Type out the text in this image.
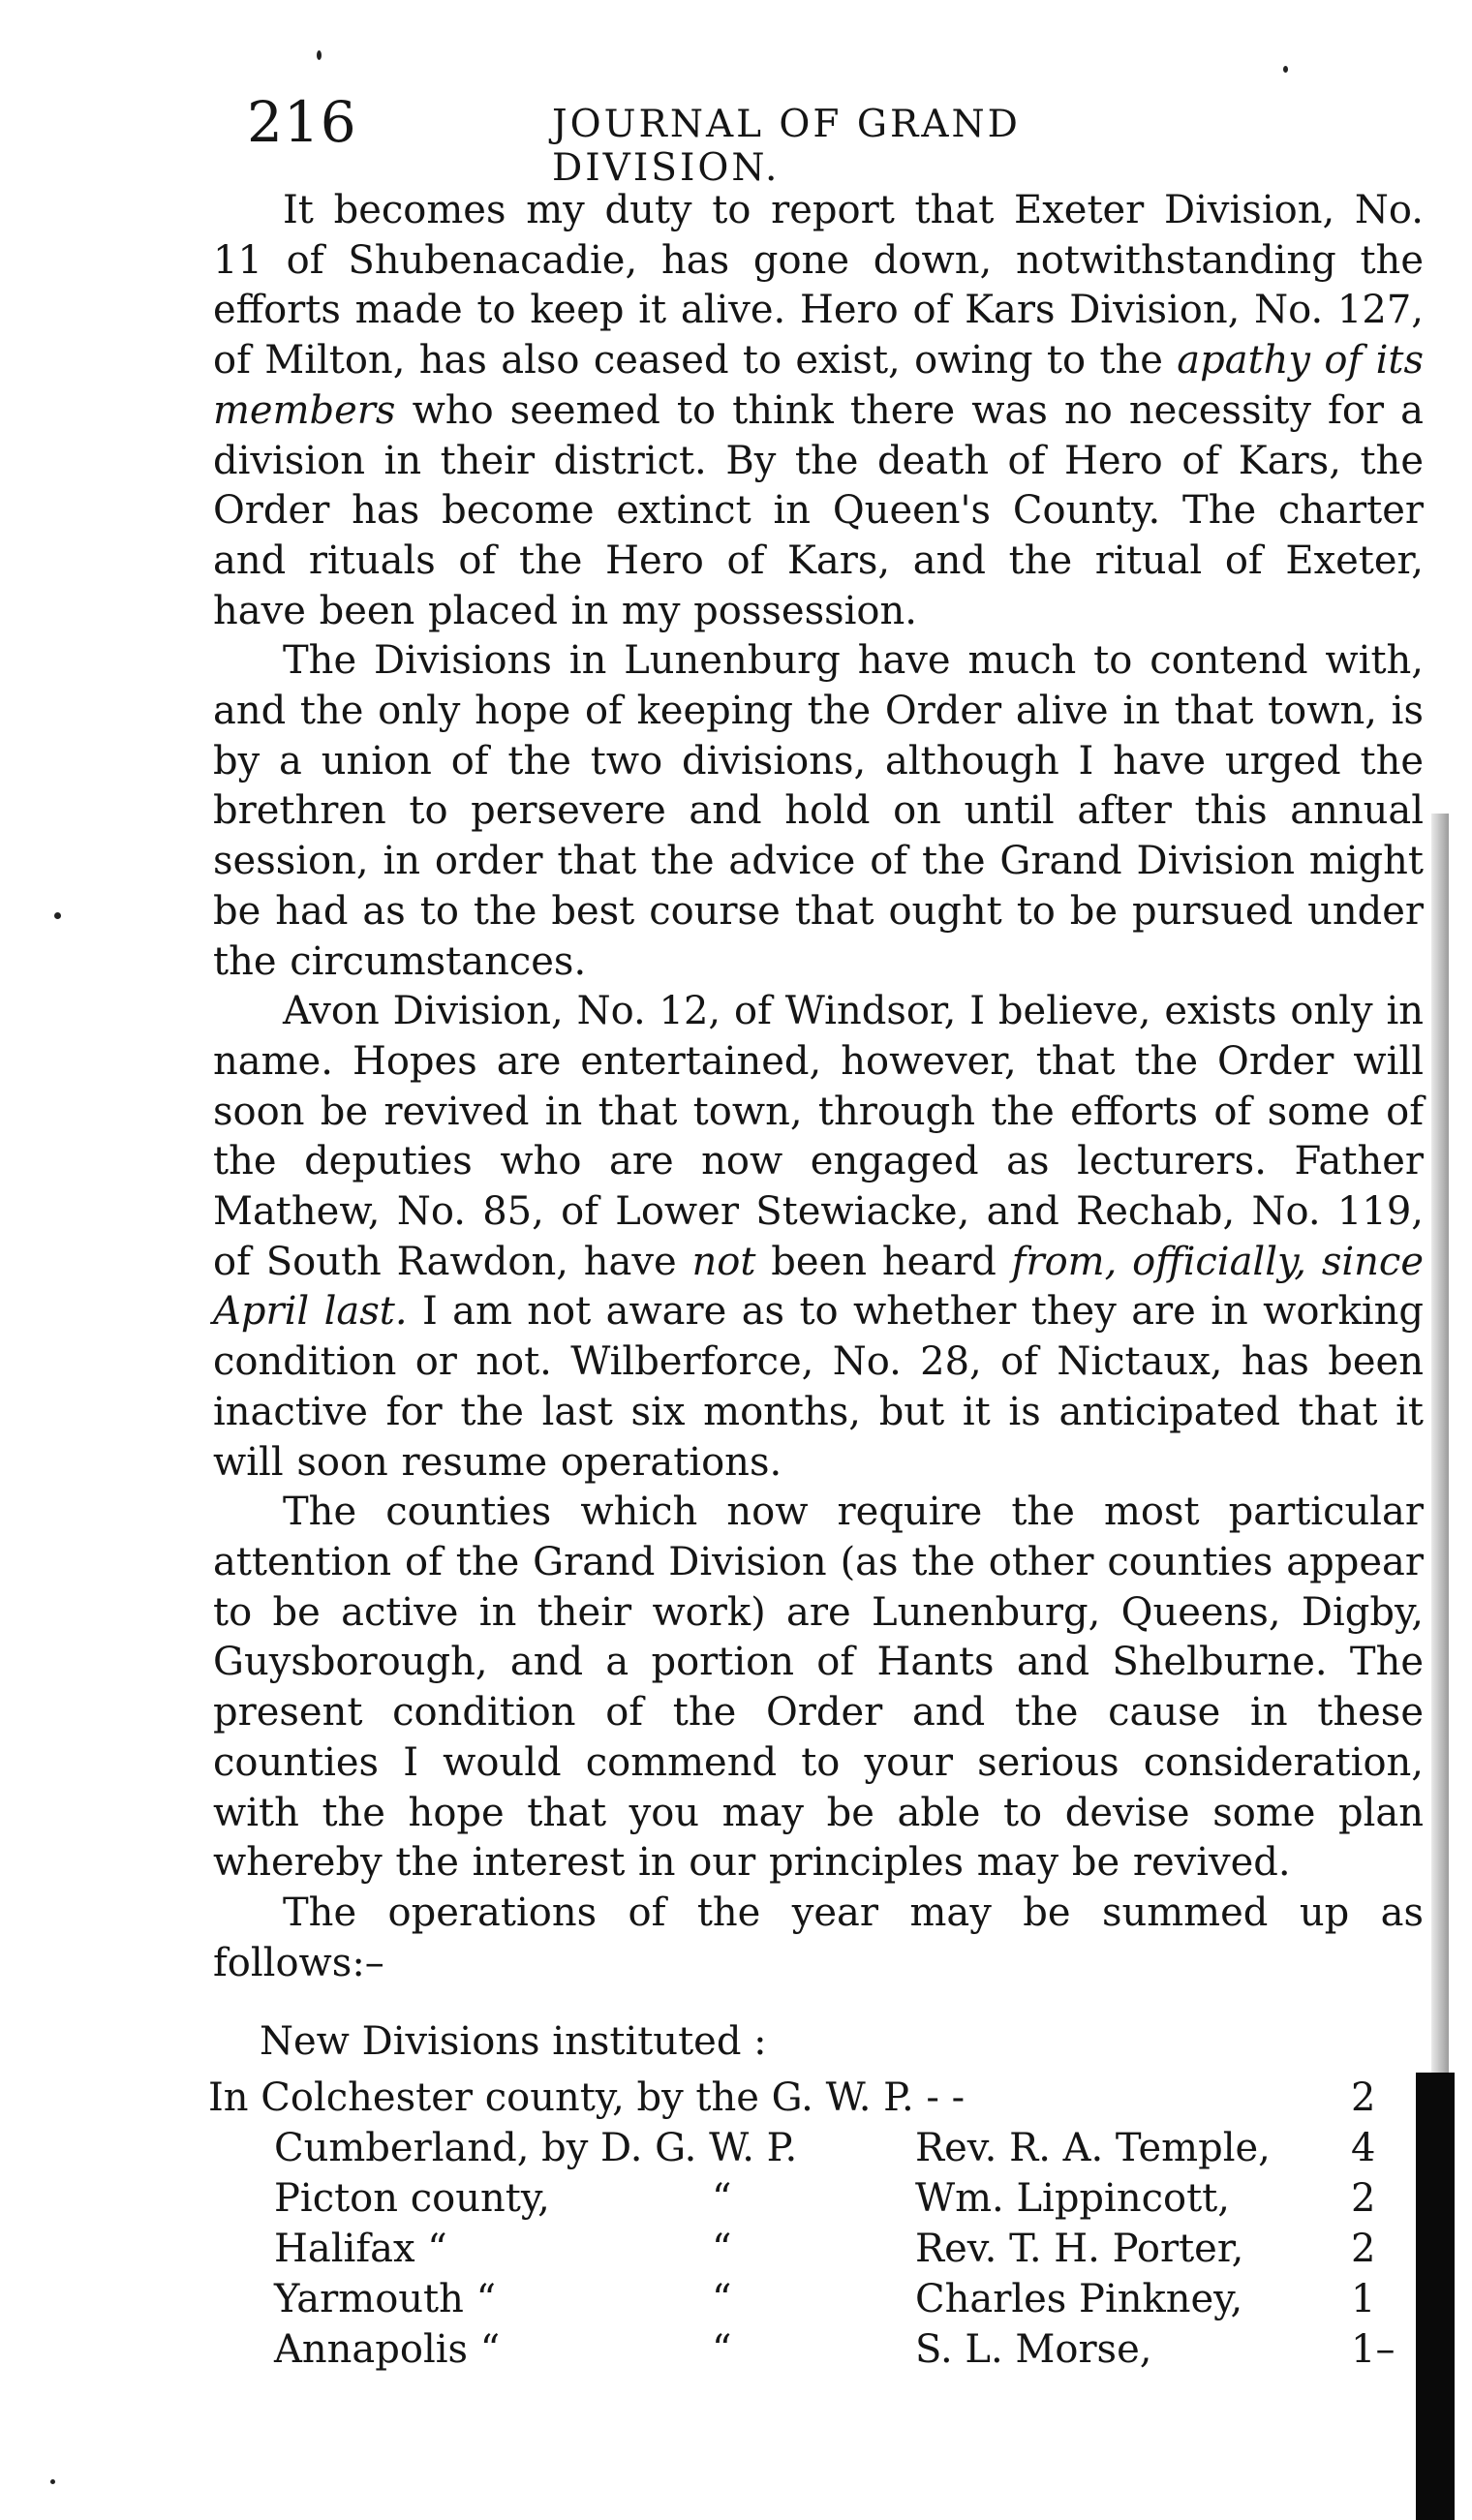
216	JOURNAL OF GRAND DIVISION.

It becomes my duty to report that Exeter Division, No. 11 of Shubenacadie, has gone down, notwithstanding the efforts made to keep it alive. Hero of Kars Division, No. 127, of Milton, has also ceased to exist, owing to the apathy of its members who seemed to think there was no necessity for a division in their district. By the death of Hero of Kars, the Order has become extinct in Queen's County. The charter and rituals of the Hero of Kars, and the ritual of Exeter, have been placed in my possession.

The Divisions in Lunenburg have much to contend with, and the only hope of keeping the Order alive in that town, is by a union of the two divisions, although I have urged the brethren to persevere and hold on until after this annual session, in order that the advice of the Grand Division might be had as to the best course that ought to be pursued under the circumstances.

Avon Division, No. 12, of Windsor, I believe, exists only in name. Hopes are entertained, however, that the Order will soon be revived in that town, through the efforts of some of the deputies who are now engaged as lecturers. Father Mathew, No. 85, of Lower Stewiacke, and Rechab, No. 119, of South Rawdon, have not been heard from, officially, since April last. I am not aware as to whether they are in working condition or not. Wilberforce, No. 28, of Nictaux, has been inactive for the last six months, but it is anticipated that it will soon resume operations.

The counties which now require the most particular attention of the Grand Division (as the other counties appear to be active in their work) are Lunenburg, Queens, Digby, Guysborough, and a portion of Hants and Shelburne. The present condition of the Order and the cause in these counties I would commend to your serious consideration, with the hope that you may be able to devise some plan whereby the interest in our principles may be revived.

The operations of the year may be summed up as follows:–

New Divisions instituted :
In Colchester county, by the G. W. P. - -	2
Cumberland, by D. G. W. P.	Rev. R. A. Temple, 4
Picton county,	“	Wm. Lippincott,	2
Halifax “	“	Rev. T. H. Porter,	2
Yarmouth “	“	Charles Pinkney,	1
Annapolis “	“	S. L. Morse,	1–
